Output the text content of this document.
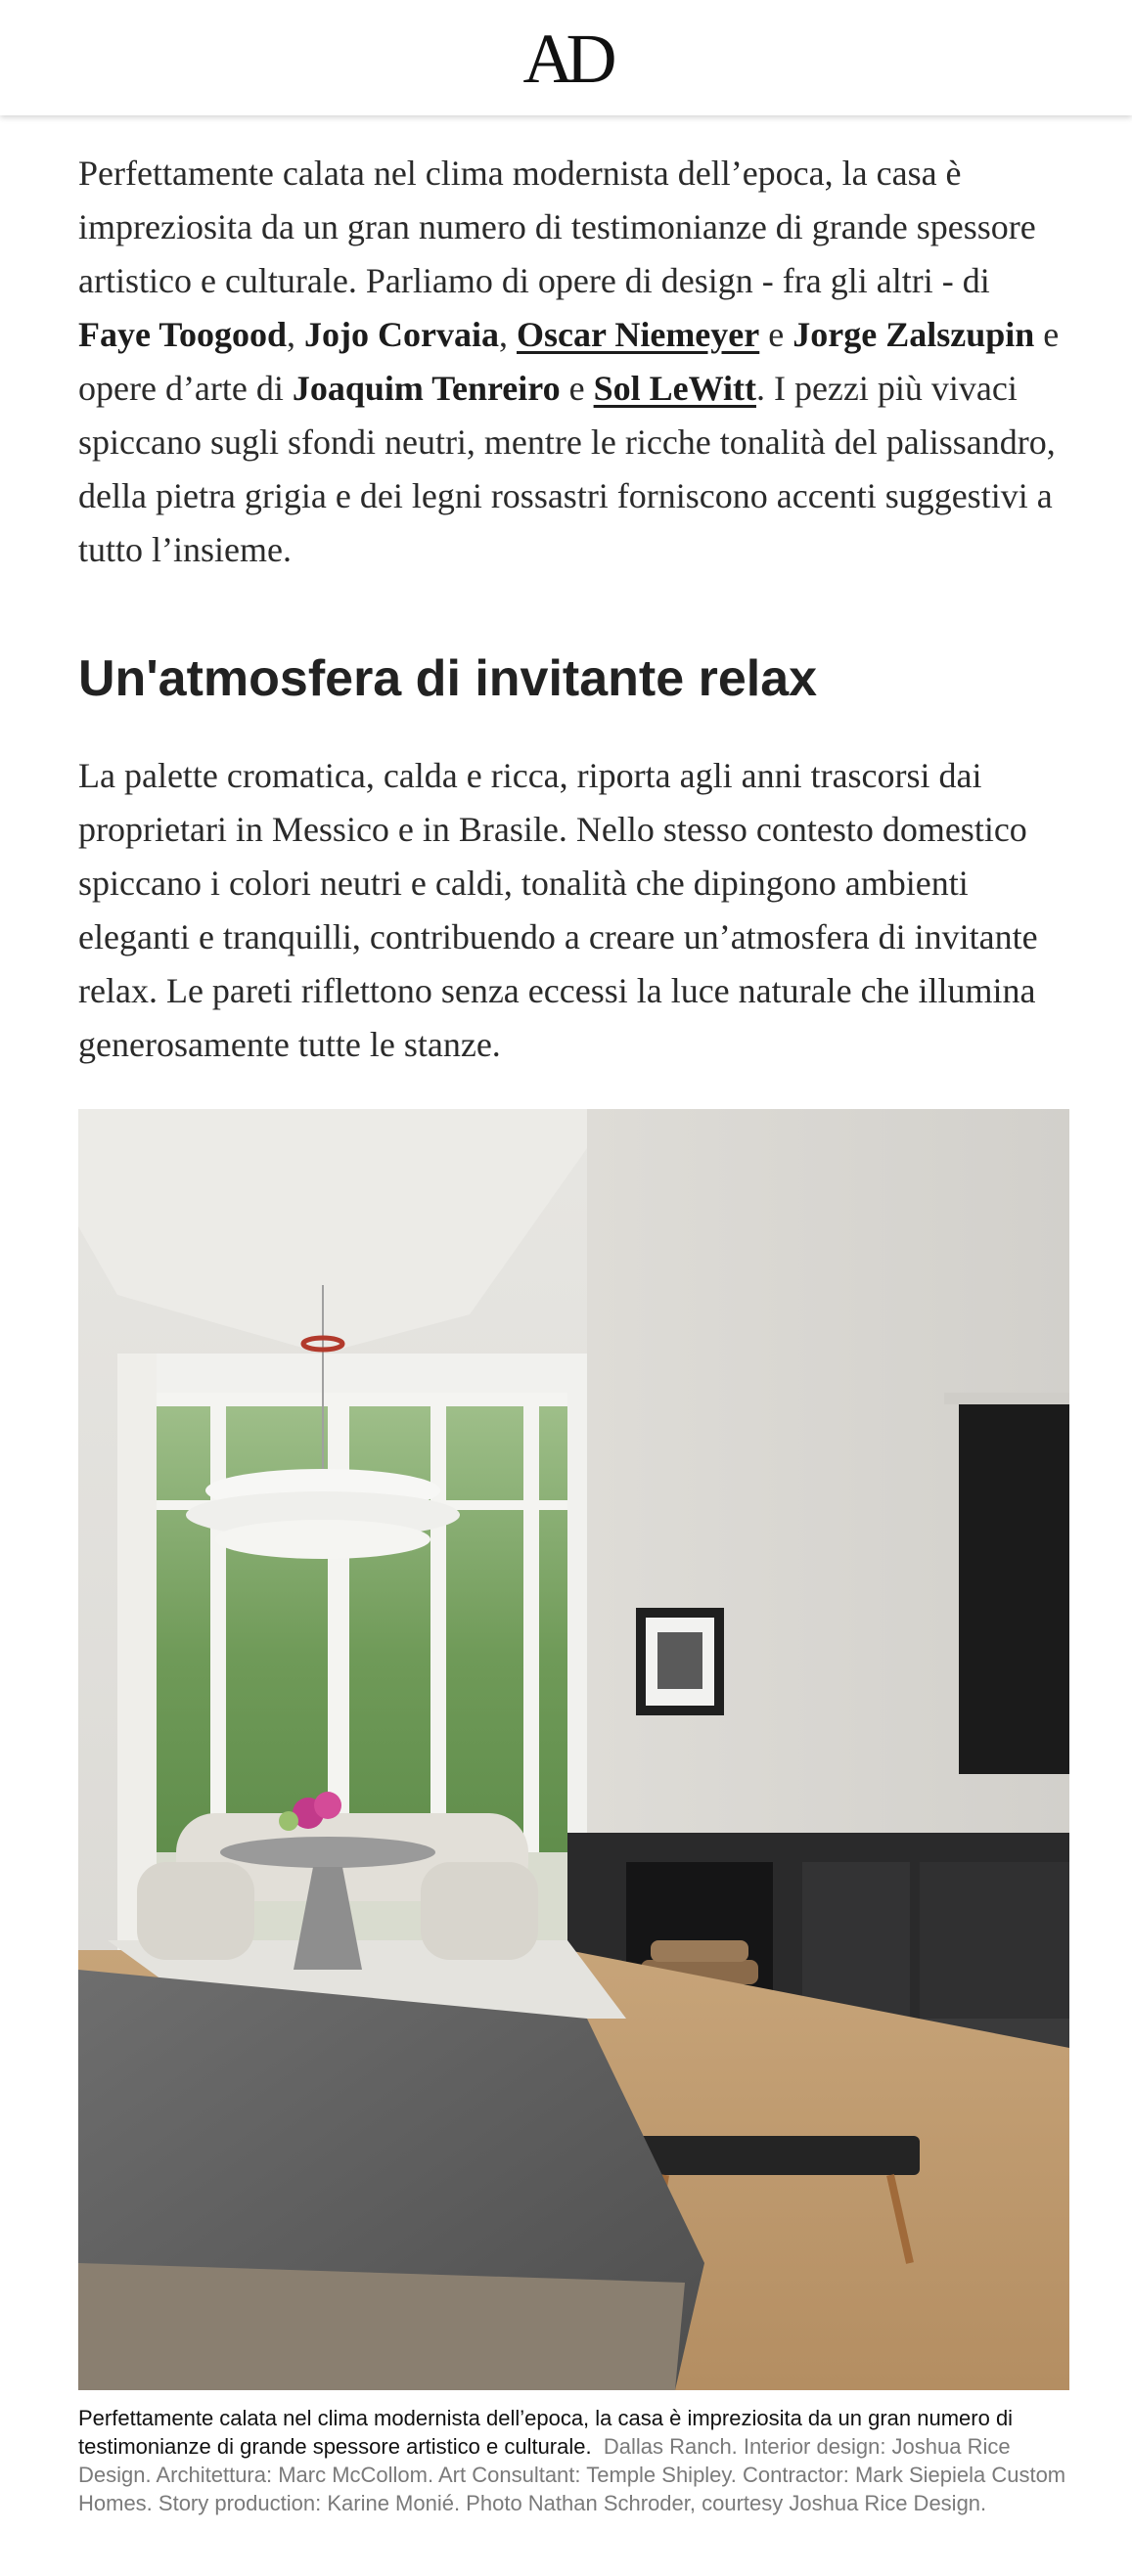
AD

Perfettamente calata nel clima modernista dell’epoca, la casa è impreziosita da un gran numero di testimonianze di grande spessore artistico e culturale. Parliamo di opere di design - fra gli altri - di Faye Toogood, Jojo Corvaia, Oscar Niemeyer e Jorge Zalszupin e opere d’arte di Joaquim Tenreiro e Sol LeWitt. I pezzi più vivaci spiccano sugli sfondi neutri, mentre le ricche tonalità del palissandro, della pietra grigia e dei legni rossastri forniscono accenti suggestivi a tutto l’insieme.

Un'atmosfera di invitante relax

La palette cromatica, calda e ricca, riporta agli anni trascorsi dai proprietari in Messico e in Brasile. Nello stesso contesto domestico spiccano i colori neutri e caldi, tonalità che dipingono ambienti eleganti e tranquilli, contribuendo a creare un’atmosfera di invitante relax. Le pareti riflettono senza eccessi la luce naturale che illumina generosamente tutte le stanze.

Perfettamente calata nel clima modernista dell’epoca, la casa è impreziosita da un gran numero di testimonianze di grande spessore artistico e culturale. Dallas Ranch. Interior design: Joshua Rice Design. Architettura: Marc McCollom. Art Consultant: Temple Shipley. Contractor: Mark Siepiela Custom Homes. Story production: Karine Monié. Photo Nathan Schroder, courtesy Joshua Rice Design.
